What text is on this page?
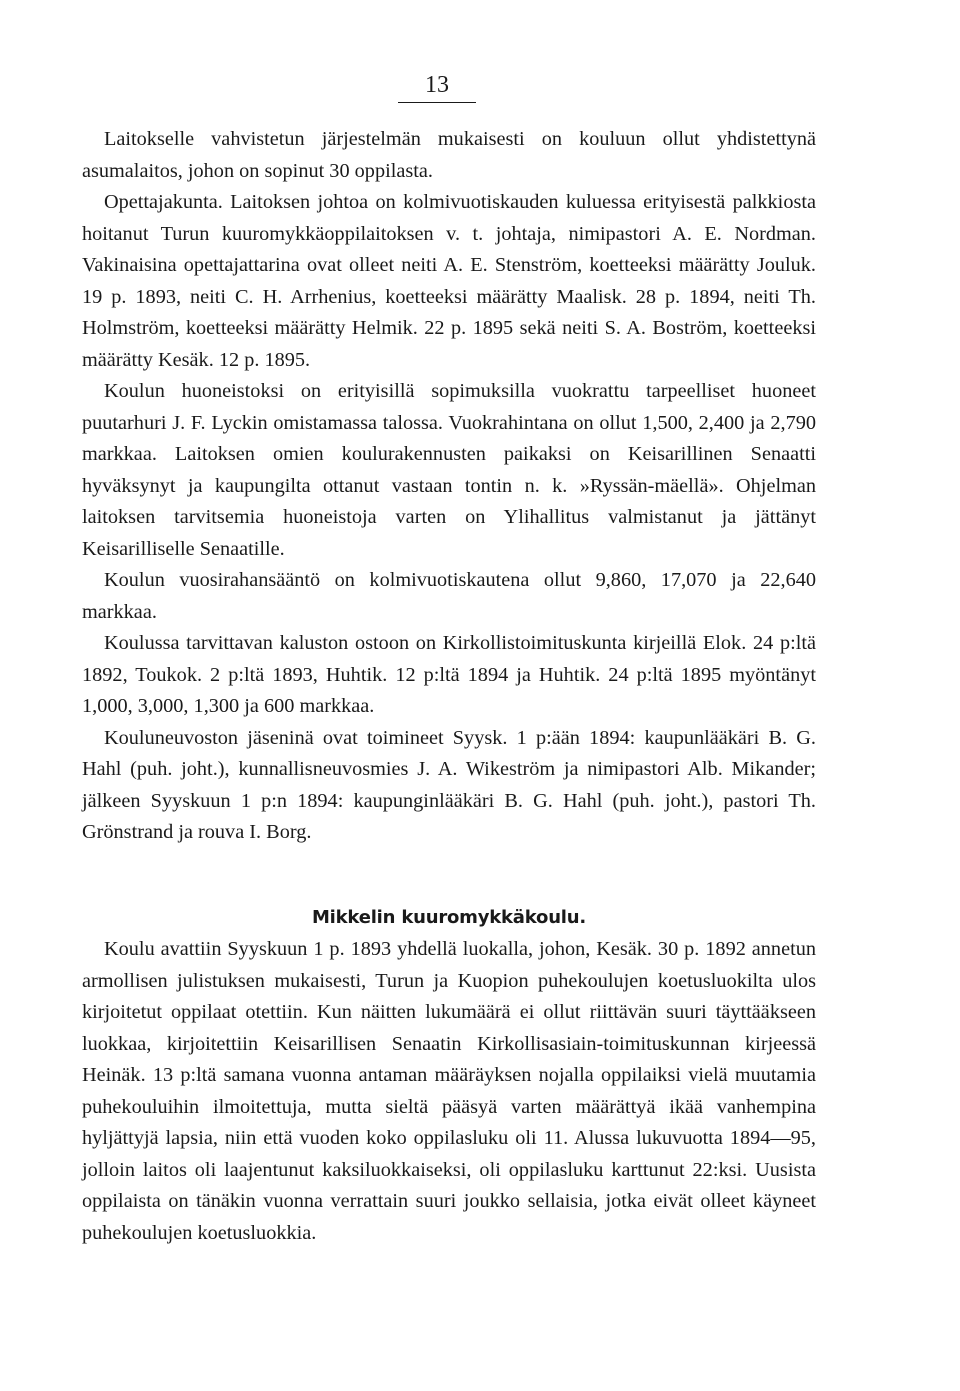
13

Laitokselle vahvistetun järjestelmän mukaisesti on kouluun ollut yhdistettynä asumalaitos, johon on sopinut 30 oppilasta.

Opettajakunta. Laitoksen johtoa on kolmivuotiskauden kuluessa erityisestä palkkiosta hoitanut Turun kuuromykkäoppilaitoksen v. t. johtaja, nimipastori A. E. Nordman. Vakinaisina opettajattarina ovat olleet neiti A. E. Stenström, koetteeksi määrätty Jouluk. 19 p. 1893, neiti C. H. Arrhenius, koetteeksi määrätty Maalisk. 28 p. 1894, neiti Th. Holmström, koetteeksi määrätty Helmik. 22 p. 1895 sekä neiti S. A. Boström, koetteeksi määrätty Kesäk. 12 p. 1895.

Koulun huoneistoksi on erityisillä sopimuksilla vuokrattu tarpeelliset huoneet puutarhuri J. F. Lyckin omistamassa talossa. Vuokrahintana on ollut 1,500, 2,400 ja 2,790 markkaa. Laitoksen omien koulurakennusten paikaksi on Keisarillinen Senaatti hyväksynyt ja kaupungilta ottanut vastaan tontin n. k. »Ryssän-mäellä». Ohjelman laitoksen tarvitsemia huoneistoja varten on Ylihallitus valmistanut ja jättänyt Keisarilliselle Senaatille.

Koulun vuosirahansääntö on kolmivuotiskautena ollut 9,860, 17,070 ja 22,640 markkaa.

Koulussa tarvittavan kaluston ostoon on Kirkollistoimituskunta kirjeillä Elok. 24 p:ltä 1892, Toukok. 2 p:ltä 1893, Huhtik. 12 p:ltä 1894 ja Huhtik. 24 p:ltä 1895 myöntänyt 1,000, 3,000, 1,300 ja 600 markkaa.

Kouluneuvoston jäseninä ovat toimineet Syysk. 1 p:ään 1894: kaupunlääkäri B. G. Hahl (puh. joht.), kunnallisneuvosmies J. A. Wikeström ja nimipastori Alb. Mikander; jälkeen Syyskuun 1 p:n 1894: kaupunginlääkäri B. G. Hahl (puh. joht.), pastori Th. Grönstrand ja rouva I. Borg.

Mikkelin kuuromykkäkoulu.

Koulu avattiin Syyskuun 1 p. 1893 yhdellä luokalla, johon, Kesäk. 30 p. 1892 annetun armollisen julistuksen mukaisesti, Turun ja Kuopion puhekoulujen koetusluokilta ulos kirjoitetut oppilaat otettiin. Kun näitten lukumäärä ei ollut riittävän suuri täyttääkseen luokkaa, kirjoitettiin Keisarillisen Senaatin Kirkollisasiain-toimituskunnan kirjeessä Heinäk. 13 p:ltä samana vuonna antaman määräyksen nojalla oppilaiksi vielä muutamia puhekouluihin ilmoitettuja, mutta sieltä pääsyä varten määrättyä ikää vanhempina hyljättyjä lapsia, niin että vuoden koko oppilasluku oli 11. Alussa lukuvuotta 1894—95, jolloin laitos oli laajentunut kaksiluokkaiseksi, oli oppilasluku karttunut 22:ksi. Uusista oppilaista on tänäkin vuonna verrattain suuri joukko sellaisia, jotka eivät olleet käyneet puhekoulujen koetusluokkia.
